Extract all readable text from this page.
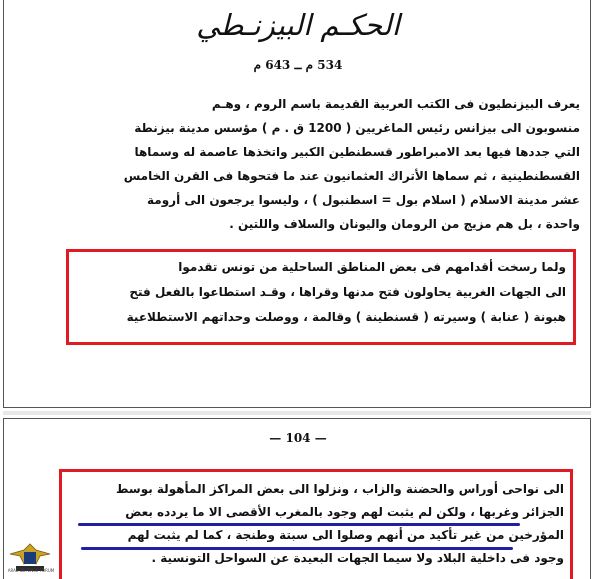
الحكـم البيزنـطي
534 م ــ 643 م
يعرف البيزنطيون فى الكتب العربية القديمة باسم الروم ، وهـم
منسوبون الى بيزانس رئيس الماغريين ( 1200 ق . م ) مؤسس مدينة بيزنطة
التي جددها فيها بعد الامبراطور قسطنطين الكبير واتخذها عاصمة له وسماها
القسطنطينية ، ثم سماها الأتراك العثمانيون عند ما فتحوها فى القرن الخامس
عشر مدينة الاسلام ( اسلام بول = اسطنبول ) ، وليسوا يرجعون الى أرومة
واحدة ، بل هم مزيج من الرومان واليونان والسلاف واللتين .
ولما رسخت أقدامهم فى بعض المناطق الساحلية من تونس تقدموا
الى الجهات الغربية يحاولون فتح مدنها وقراها ، وقـد استطاعوا بالفعل فتح
هبونة ( عنابة ) وسيرته ( قسنطينة ) وقالمة ، ووصلت وحداتهم الاستطلاعية
— 104 —
الى نواحى أوراس والحضنة والزاب ، ونزلوا الى بعض المراكز المأهولة بوسط
الجزائر وغربها ، ولكن لم يثبت لهم وجود بالمغرب الأقصى الا ما يردده بعض
المؤرخين من غير تأكيد من أنهم وصلوا الى سبتة وطنجة ، كما لم يثبت لهم
وجود فى داخلية البلاد ولا سيما الجهات البعيدة عن السواحل التونسية .
ARAB DEFENSE FORUM
